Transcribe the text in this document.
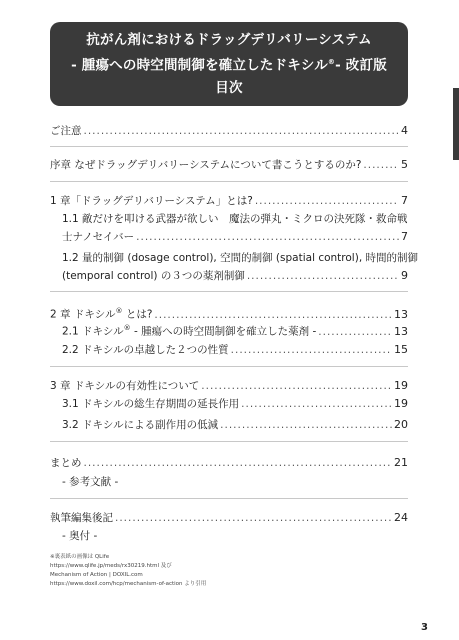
抗がん剤におけるドラッグデリバリーシステム
- 腫瘍への時空間制御を確立したドキシル®- 改訂版
目次
ご注意 .....	4
序章 なぜドラッグデリバリーシステムについて書こうとするのか? .....	5
1 章「ドラッグデリバリーシステム」とは? .....	7
1.1 敵だけを叩ける武器が欲しい　魔法の弾丸・ミクロの決死隊・救命戦
士ナノセイバー .....	7
1.2 量的制御 (dosage control), 空間的制御 (spatial control), 時間的制御
(temporal control) の３つの薬剤制御 .....	9
2 章 ドキシル® とは? .....	13
2.1 ドキシル® - 腫瘍への時空間制御を確立した薬剤 - .....	13
2.2 ドキシルの卓越した２つの性質 .....	15
3 章 ドキシルの有効性について .....	19
3.1 ドキシルの総生存期間の延長作用 .....	19
3.2 ドキシルによる副作用の低減 .....	20
まとめ .....	21
- 参考文献 -
執筆編集後記 .....	24
- 奥付 -
※裏表紙の画像は QLife
https://www.qlife.jp/meds/rx30219.html 及び
Mechanism of Action | DOXIL.com
https://www.doxil.com/hcp/mechanism-of-action より引用
3
